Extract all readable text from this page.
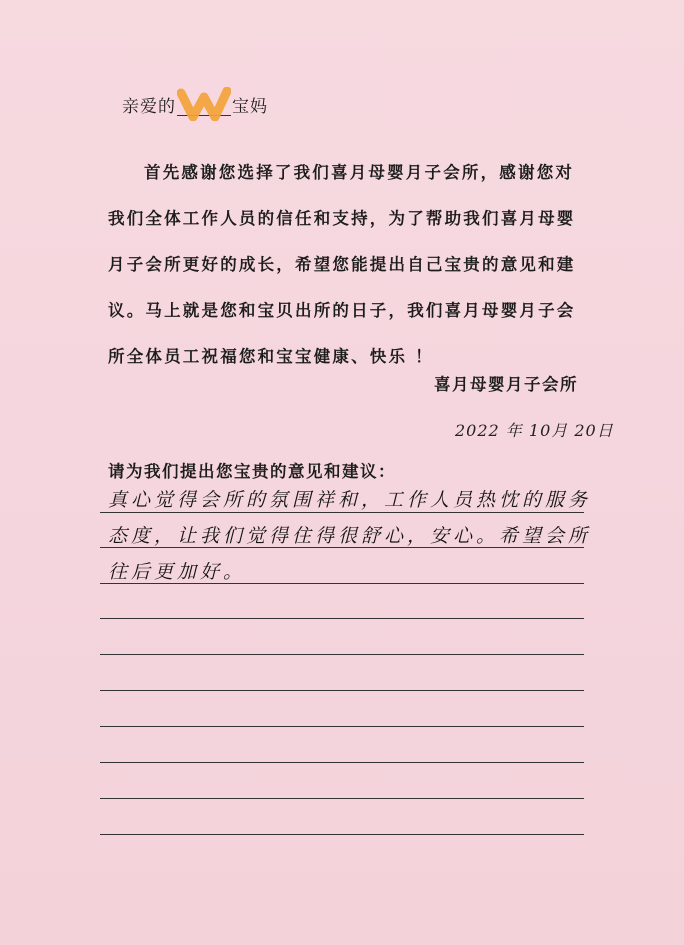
亲爱的	宝妈
首先感谢您选择了我们喜月母婴月子会所，感谢您对我们全体工作人员的信任和支持，为了帮助我们喜月母婴月子会所更好的成长，希望您能提出自己宝贵的意见和建议。马上就是您和宝贝出所的日子，我们喜月母婴月子会所全体员工祝福您和宝宝健康、快乐 ！
喜月母婴月子会所
2022 年 10月 20日
请为我们提出您宝贵的意见和建议：
真心觉得会所的氛围祥和，工作人员热忱的服务
态度，让我们觉得住得很舒心，安心。希望会所
往后更加好。
